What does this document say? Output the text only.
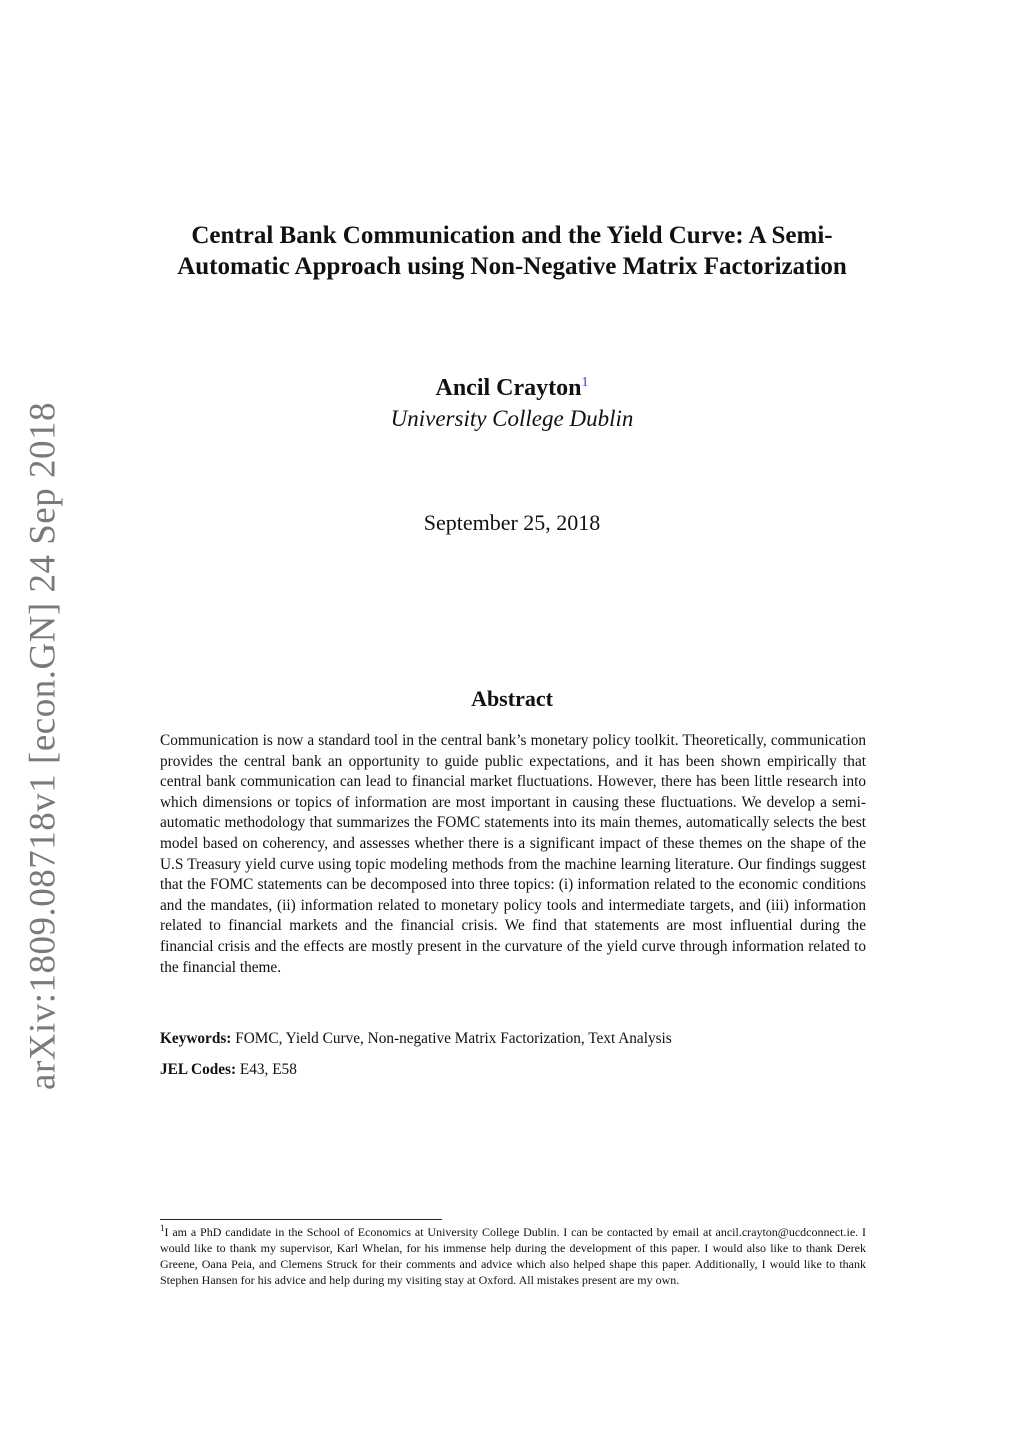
arXiv:1809.08718v1 [econ.GN] 24 Sep 2018
Central Bank Communication and the Yield Curve: A Semi-Automatic Approach using Non-Negative Matrix Factorization
Ancil Crayton$^1$
University College Dublin
September 25, 2018
Abstract

Communication is now a standard tool in the central bank’s monetary policy toolkit. Theoretically, communication provides the central bank an opportunity to guide public expectations, and it has been shown empirically that central bank communication can lead to financial market fluctuations. However, there has been little research into which dimensions or topics of information are most important in causing these fluctuations. We develop a semi-automatic methodology that summarizes the FOMC statements into its main themes, automatically selects the best model based on coherency, and assesses whether there is a significant impact of these themes on the shape of the U.S Treasury yield curve using topic modeling methods from the machine learning literature. Our findings suggest that the FOMC statements can be decomposed into three topics: (i) information related to the economic conditions and the mandates, (ii) information related to monetary policy tools and intermediate targets, and (iii) information related to financial markets and the financial crisis. We find that statements are most influential during the financial crisis and the effects are mostly present in the curvature of the yield curve through information related to the financial theme.

Keywords: FOMC, Yield Curve, Non-negative Matrix Factorization, Text Analysis

JEL Codes: E43, E58

$^1$I am a PhD candidate in the School of Economics at University College Dublin. I can be contacted by email at ancil.crayton@ucdconnect.ie. I would like to thank my supervisor, Karl Whelan, for his immense help during the development of this paper. I would also like to thank Derek Greene, Oana Peia, and Clemens Struck for their comments and advice which also helped shape this paper. Additionally, I would like to thank Stephen Hansen for his advice and help during my visiting stay at Oxford. All mistakes present are my own.
